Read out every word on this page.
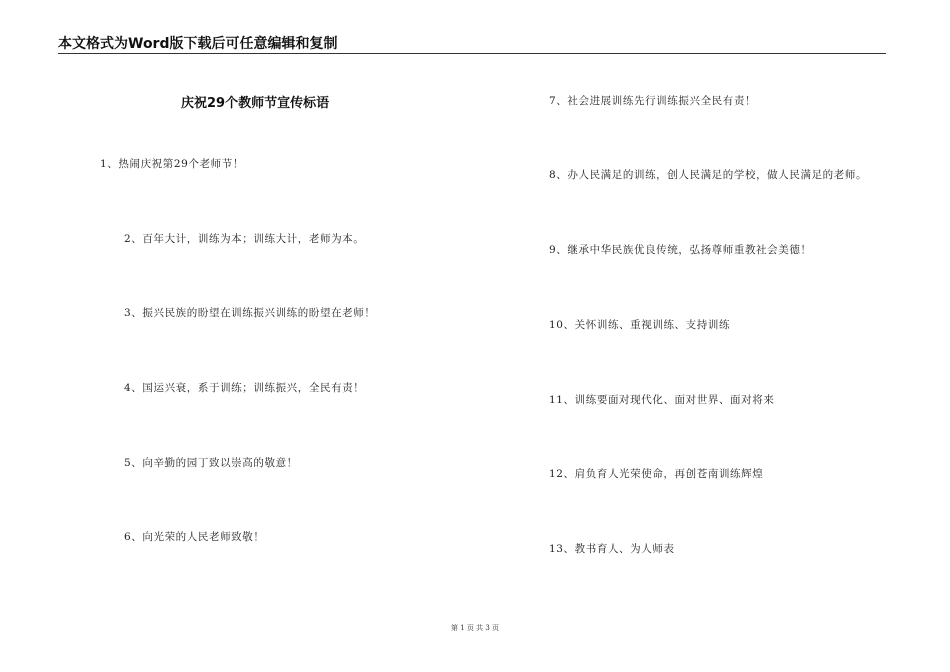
本文格式为Word版下载后可任意编辑和复制
庆祝29个教师节宣传标语
1、热闹庆祝第29个老师节！
2、百年大计，训练为本；训练大计，老师为本。
3、振兴民族的盼望在训练振兴训练的盼望在老师！
4、国运兴衰，系于训练；训练振兴，全民有责！
5、向辛勤的园丁致以崇高的敬意！
6、向光荣的人民老师致敬！
7、社会进展训练先行训练振兴全民有责！
8、办人民满足的训练，创人民满足的学校，做人民满足的老师。
9、继承中华民族优良传统，弘扬尊师重教社会美德！
10、关怀训练、重视训练、支持训练
11、训练要面对现代化、面对世界、面对将来
12、肩负育人光荣使命，再创苍南训练辉煌
13、教书育人、为人师表
第 1 页 共 3 页
